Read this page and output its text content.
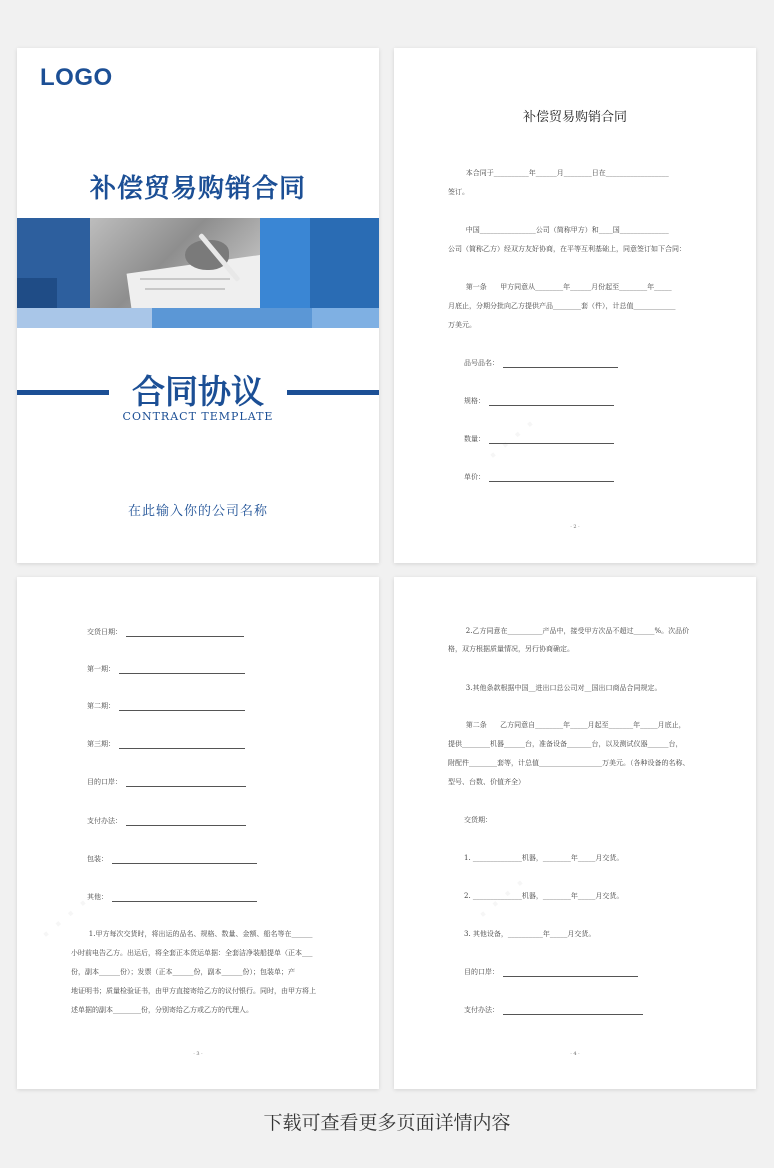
LOGO
补偿贸易购销合同
合同协议
CONTRACT TEMPLATE
在此输入你的公司名称
补偿贸易购销合同
本合同于__________年______月________日在__________________
签订。
中国________________公司（简称甲方）和____国______________
公司（简称乙方）经双方友好协商，在平等互利基础上，同意签订如下合同：
第一条      甲方同意从________年______月份起至________年_____
月底止，分期分批向乙方提供产品________套（件），计总值____________
万美元。
品号品名：
规格：
数量：
单价：
· 2 ·
交货日期：
第一期：
第二期：
第三期：
目的口岸：
支付办法：
包装：
其他：
1.甲方每次交货时，将出运的品名、规格、数量、金额、船名等在______
小时前电告乙方。出运后，将全套正本货运单据：全套洁净装船提单（正本___
份，副本______份）；发票（正本______份，副本______份）；包装单；产
地证明书；质量检验证书，由甲方直接寄给乙方的议付银行。同时，由甲方将上
述单据的副本________份，分别寄给乙方或乙方的代理人。
· 3 ·
2.乙方同意在__________产品中，接受甲方次品不超过______%。次品价
格，双方根据质量情况，另行协商确定。
3.其他条款根据中国__进出口总公司对__国出口商品合同规定。
第二条      乙方同意自________年_____月起至_______年_____月底止，
提供________机器______台，准备设备_______台，以及测试仪器______台，
附配件________套等，计总值__________________万美元。（各种设备的名称、
型号、台数、价值齐全）
交货期：
1. ______________机器，________年_____月交货。
2. ______________机器，________年_____月交货。
3. 其他设备，__________年_____月交货。
目的口岸：
支付办法：
· 4 ·
下载可查看更多页面详情内容
